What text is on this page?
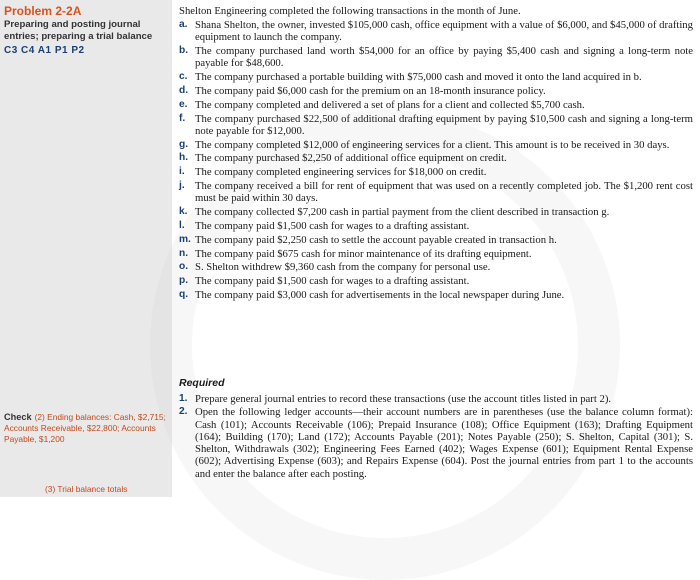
Problem 2-2A
Preparing and posting journal entries; preparing a trial balance
C3 C4 A1 P1 P2
Check (2) Ending balances: Cash, $2,715; Accounts Receivable, $22,800; Accounts Payable, $1,200
(3) Trial balance totals
Shelton Engineering completed the following transactions in the month of June.
a. Shana Shelton, the owner, invested $105,000 cash, office equipment with a value of $6,000, and $45,000 of drafting equipment to launch the company.
b. The company purchased land worth $54,000 for an office by paying $5,400 cash and signing a long-term note payable for $48,600.
c. The company purchased a portable building with $75,000 cash and moved it onto the land acquired in b.
d. The company paid $6,000 cash for the premium on an 18-month insurance policy.
e. The company completed and delivered a set of plans for a client and collected $5,700 cash.
f. The company purchased $22,500 of additional drafting equipment by paying $10,500 cash and signing a long-term note payable for $12,000.
g. The company completed $12,000 of engineering services for a client. This amount is to be received in 30 days.
h. The company purchased $2,250 of additional office equipment on credit.
i. The company completed engineering services for $18,000 on credit.
j. The company received a bill for rent of equipment that was used on a recently completed job. The $1,200 rent cost must be paid within 30 days.
k. The company collected $7,200 cash in partial payment from the client described in transaction g.
l. The company paid $1,500 cash for wages to a drafting assistant.
m. The company paid $2,250 cash to settle the account payable created in transaction h.
n. The company paid $675 cash for minor maintenance of its drafting equipment.
o. S. Shelton withdrew $9,360 cash from the company for personal use.
p. The company paid $1,500 cash for wages to a drafting assistant.
q. The company paid $3,000 cash for advertisements in the local newspaper during June.
Required
1. Prepare general journal entries to record these transactions (use the account titles listed in part 2).
2. Open the following ledger accounts—their account numbers are in parentheses (use the balance column format): Cash (101); Accounts Receivable (106); Prepaid Insurance (108); Office Equipment (163); Drafting Equipment (164); Building (170); Land (172); Accounts Payable (201); Notes Payable (250); S. Shelton, Capital (301); S. Shelton, Withdrawals (302); Engineering Fees Earned (402); Wages Expense (601); Equipment Rental Expense (602); Advertising Expense (603); and Repairs Expense (604). Post the journal entries from part 1 to the accounts and enter the balance after each posting.
